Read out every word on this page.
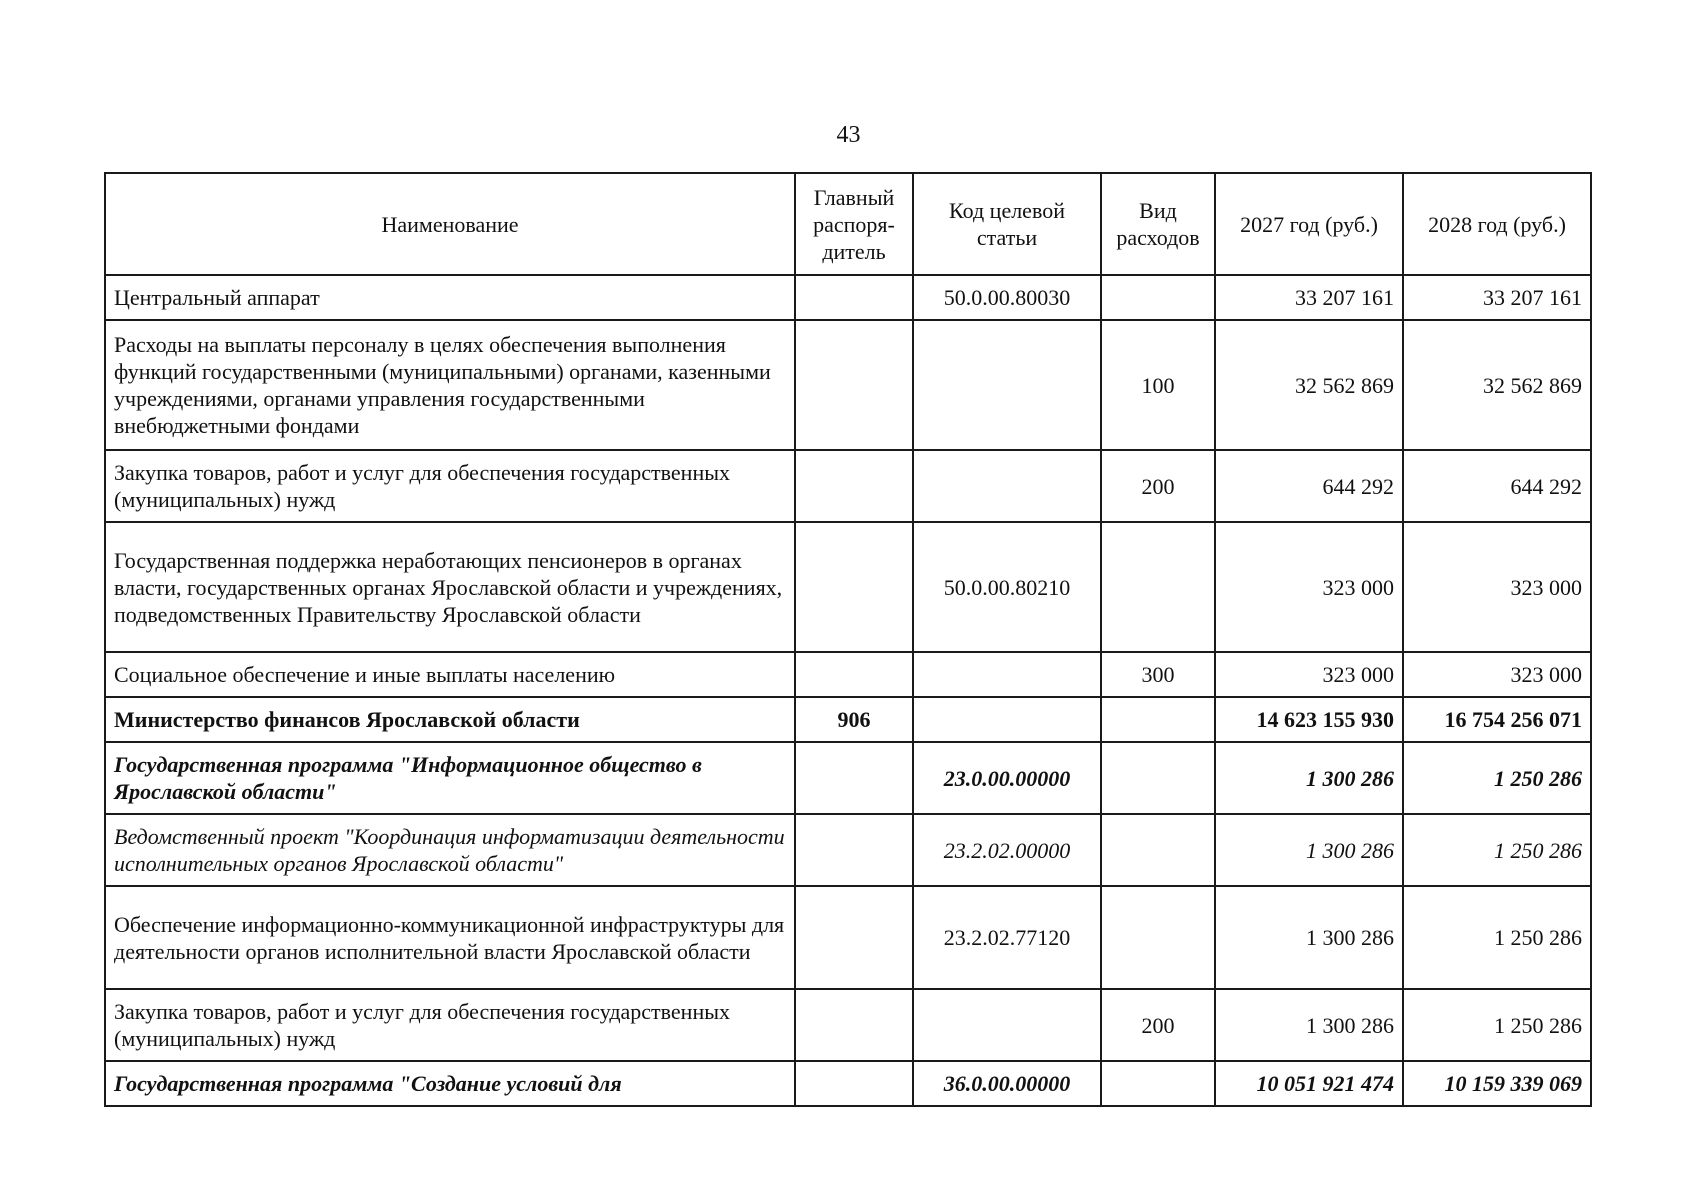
43
Наименование	Главный распоря-дитель	Код целевой статьи	Вид расходов	2027 год (руб.)	2028 год (руб.)
Центральный аппарат		50.0.00.80030		33 207 161	33 207 161
Расходы на выплаты персоналу в целях обеспечения выполнения функций государственными (муниципальными) органами, казенными учреждениями, органами управления государственными внебюджетными фондами			100	32 562 869	32 562 869
Закупка товаров, работ и услуг для обеспечения государственных (муниципальных) нужд			200	644 292	644 292
Государственная поддержка неработающих пенсионеров в органах власти, государственных органах Ярославской области и учреждениях, подведомственных Правительству Ярославской области		50.0.00.80210		323 000	323 000
Социальное обеспечение и иные выплаты населению			300	323 000	323 000
Министерство финансов Ярославской области	906			14 623 155 930	16 754 256 071
Государственная программа "Информационное общество в Ярославской области"		23.0.00.00000		1 300 286	1 250 286
Ведомственный проект "Координация информатизации деятельности исполнительных органов Ярославской области"		23.2.02.00000		1 300 286	1 250 286
Обеспечение информационно-коммуникационной инфраструктуры для деятельности органов исполнительной власти Ярославской области		23.2.02.77120		1 300 286	1 250 286
Закупка товаров, работ и услуг для обеспечения государственных (муниципальных) нужд			200	1 300 286	1 250 286
Государственная программа "Создание условий для		36.0.00.00000		10 051 921 474	10 159 339 069
